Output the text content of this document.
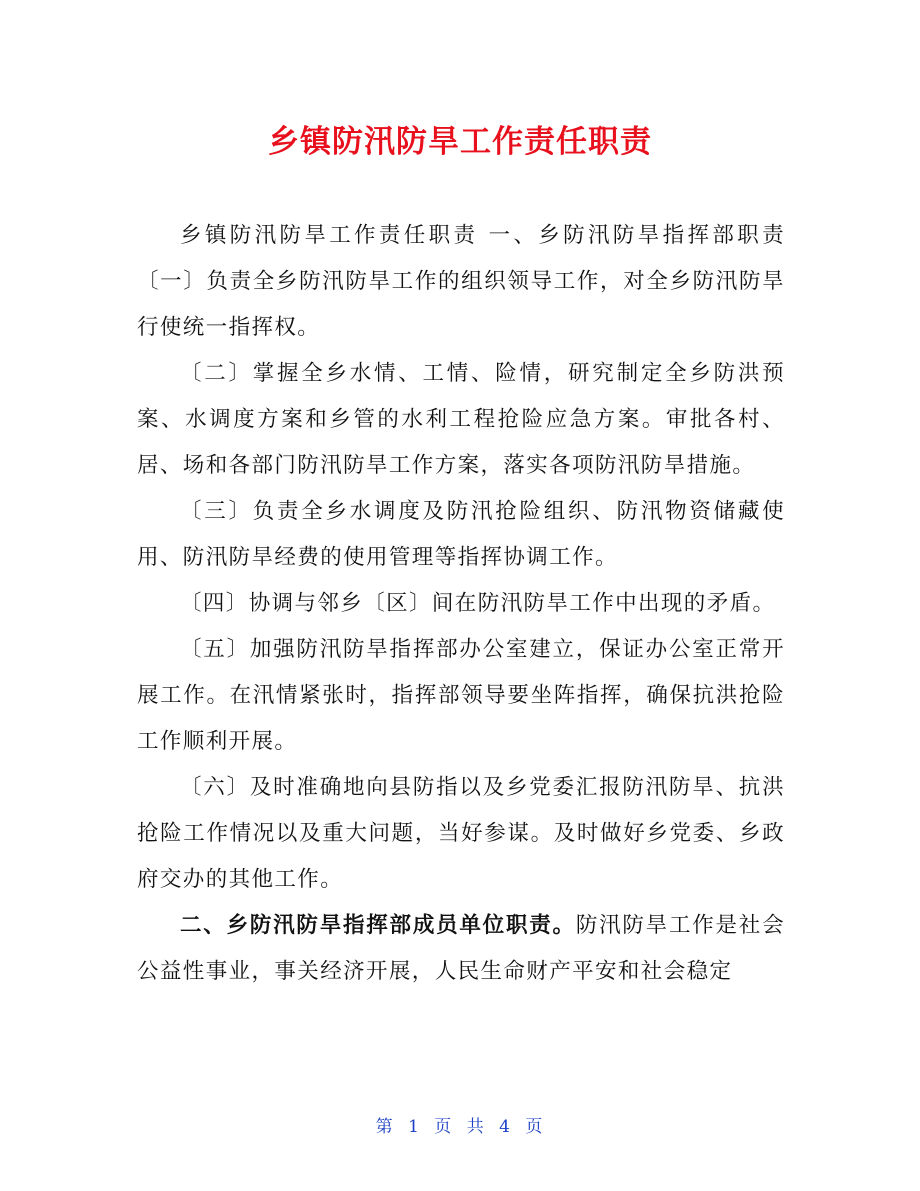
乡镇防汛防旱工作责任职责

乡镇防汛防旱工作责任职责 一、乡防汛防旱指挥部职责〔一〕负责全乡防汛防旱工作的组织领导工作，对全乡防汛防旱行使统一指挥权。

〔二〕掌握全乡水情、工情、险情，研究制定全乡防洪预案、水调度方案和乡管的水利工程抢险应急方案。审批各村、居、场和各部门防汛防旱工作方案，落实各项防汛防旱措施。

〔三〕负责全乡水调度及防汛抢险组织、防汛物资储藏使用、防汛防旱经费的使用管理等指挥协调工作。

〔四〕协调与邻乡〔区〕间在防汛防旱工作中出现的矛盾。

〔五〕加强防汛防旱指挥部办公室建立，保证办公室正常开展工作。在汛情紧张时，指挥部领导要坐阵指挥，确保抗洪抢险工作顺利开展。

〔六〕及时准确地向县防指以及乡党委汇报防汛防旱、抗洪抢险工作情况以及重大问题，当好参谋。及时做好乡党委、乡政府交办的其他工作。

二、乡防汛防旱指挥部成员单位职责。防汛防旱工作是社会公益性事业，事关经济开展，人民生命财产平安和社会稳定

第 1 页 共 4 页
